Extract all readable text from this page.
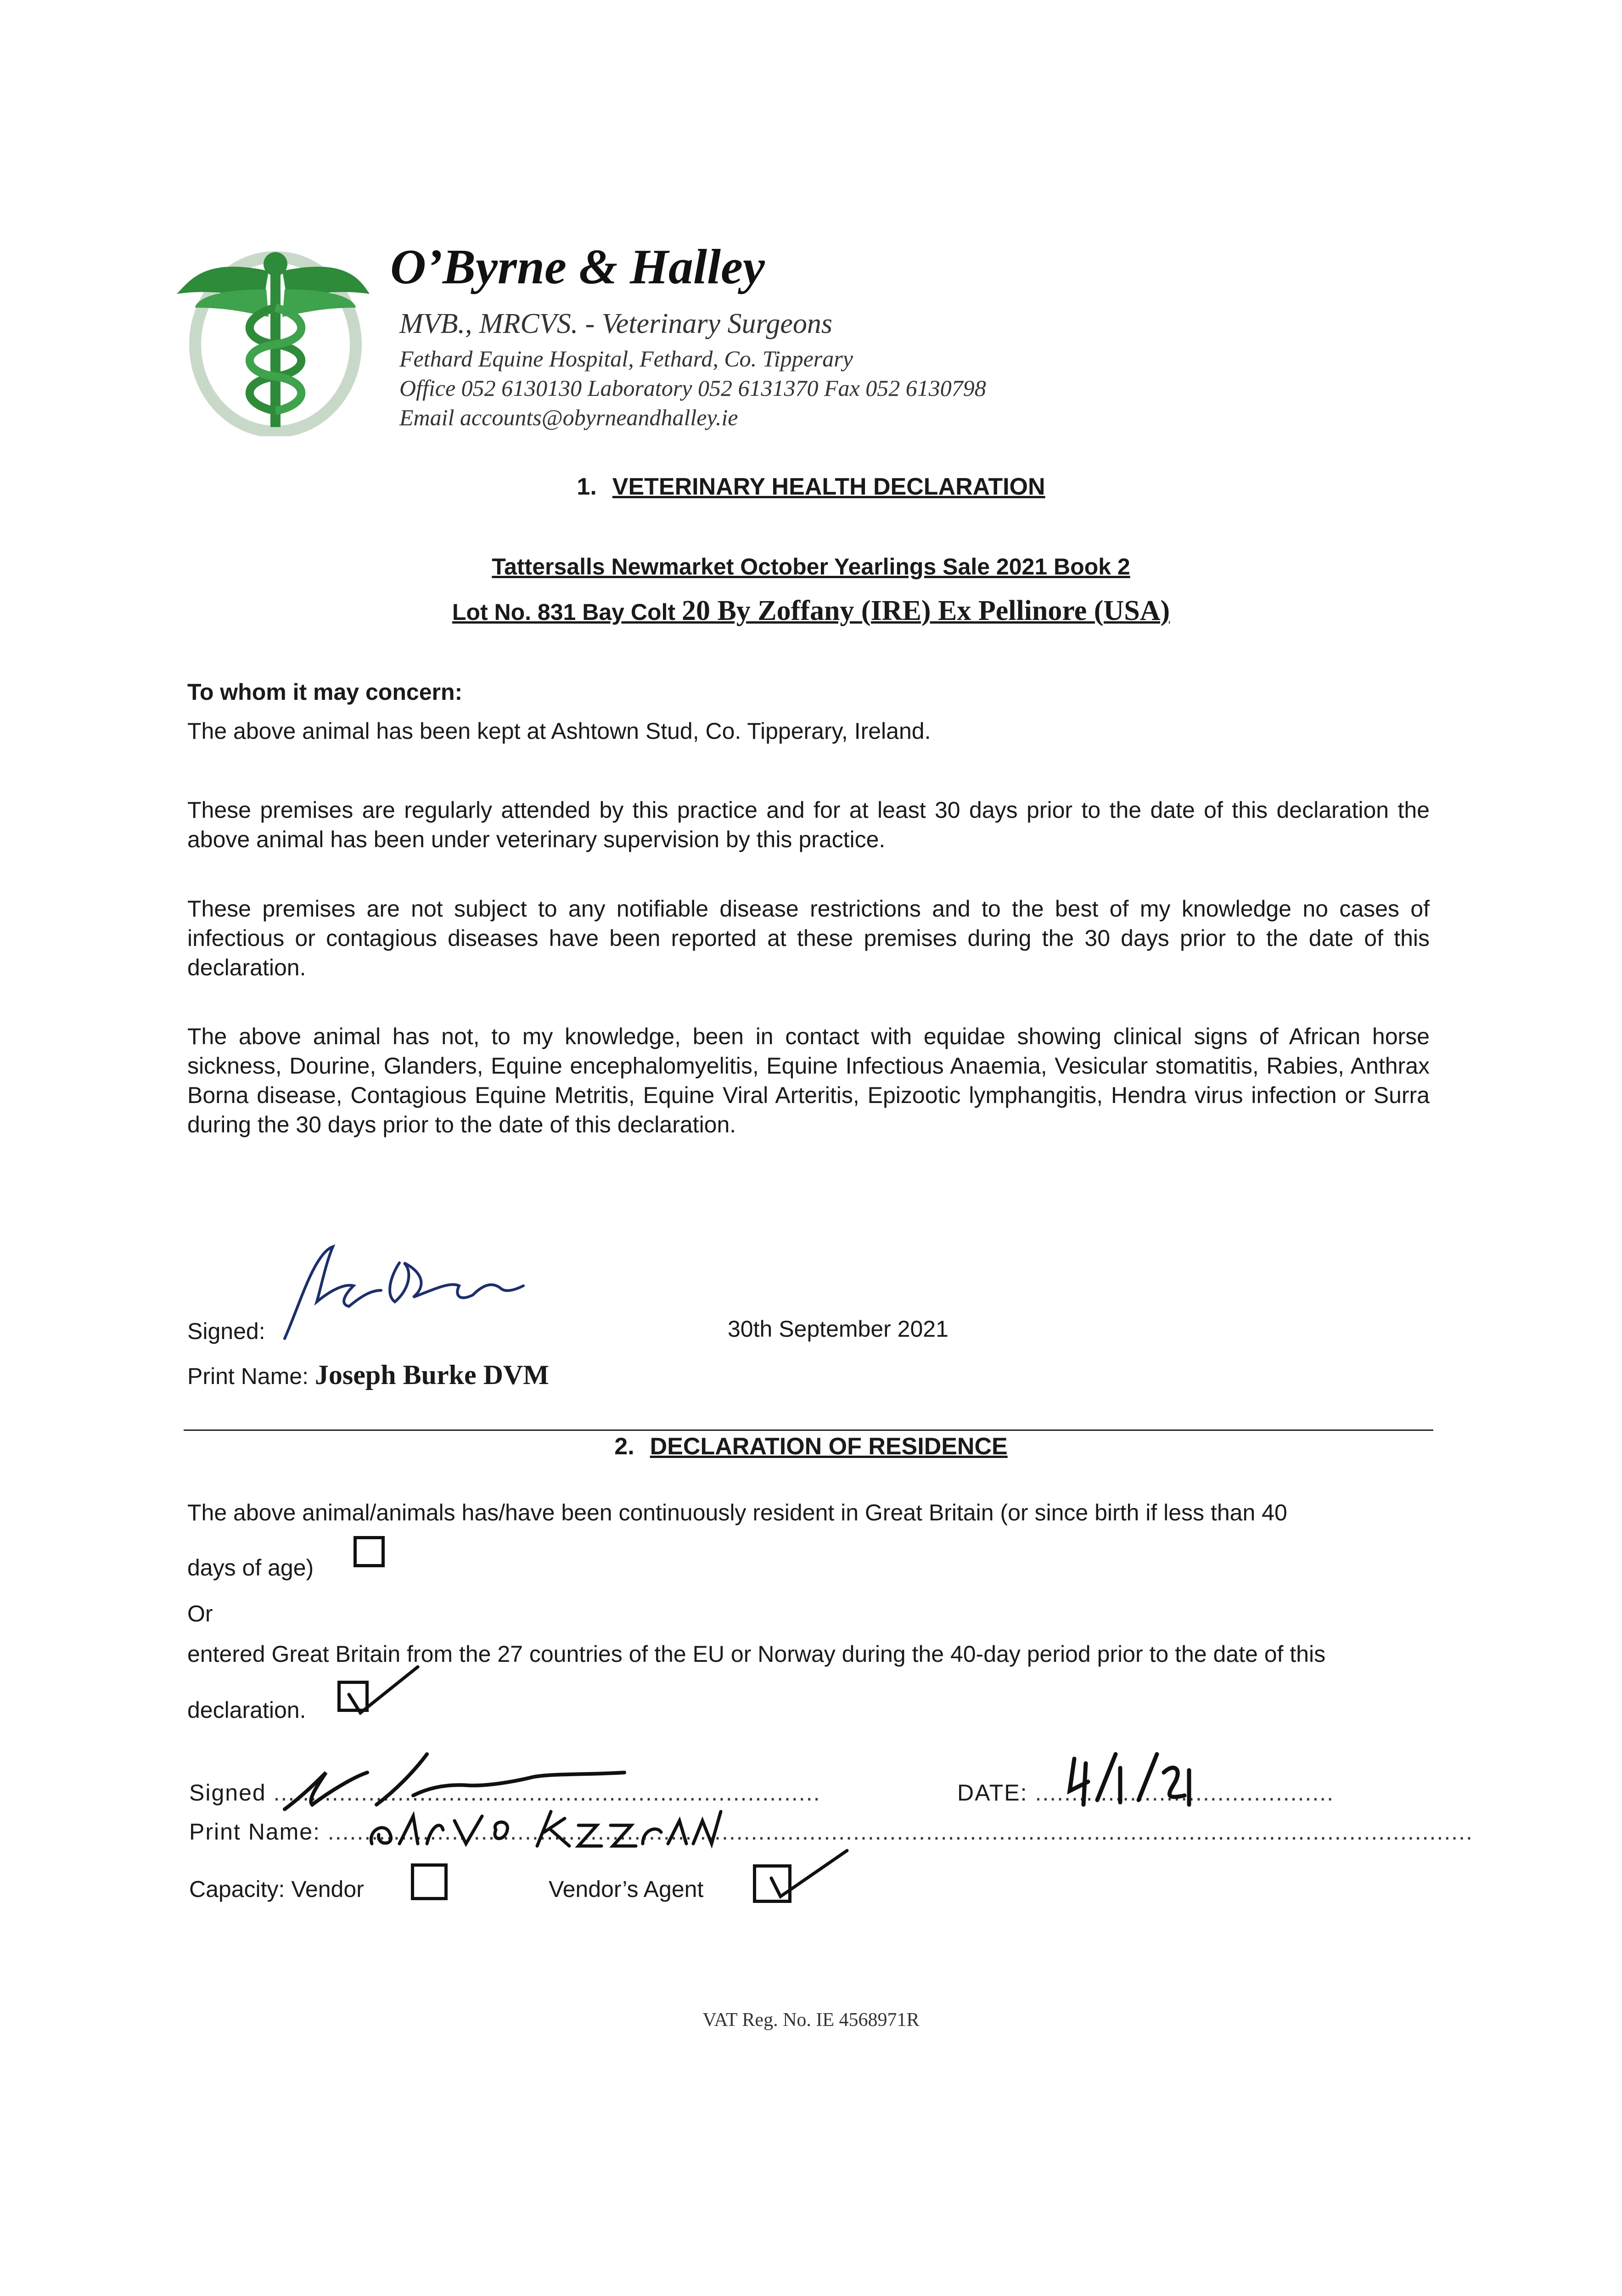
O’Byrne & Halley
MVB., MRCVS. - Veterinary Surgeons
Fethard Equine Hospital, Fethard, Co. Tipperary
Office 052 6130130 Laboratory 052 6131370 Fax 052 6130798
Email accounts@obyrneandhalley.ie
1. VETERINARY HEALTH DECLARATION
Tattersalls Newmarket October Yearlings Sale 2021 Book 2
Lot No. 831 Bay Colt 20 By Zoffany (IRE) Ex Pellinore (USA)
To whom it may concern:
The above animal has been kept at Ashtown Stud, Co. Tipperary, Ireland.
These premises are regularly attended by this practice and for at least 30 days prior to the date of this declaration the above animal has been under veterinary supervision by this practice.
These premises are not subject to any notifiable disease restrictions and to the best of my knowledge no cases of infectious or contagious diseases have been reported at these premises during the 30 days prior to the date of this declaration.
The above animal has not, to my knowledge, been in contact with equidae showing clinical signs of African horse sickness, Dourine, Glanders, Equine encephalomyelitis, Equine Infectious Anaemia, Vesicular stomatitis, Rabies, Anthrax Borna disease, Contagious Equine Metritis, Equine Viral Arteritis, Epizootic lymphangitis, Hendra virus infection or Surra during the 30 days prior to the date of this declaration.
Signed:	30th September 2021
Print Name: Joseph Burke DVM
2. DECLARATION OF RESIDENCE
The above animal/animals has/have been continuously resident in Great Britain (or since birth if less than 40
days of age)
Or
entered Great Britain from the 27 countries of the EU or Norway during the 40-day period prior to the date of this
declaration.
Signed ...........................................................................	DATE: .........................................
Print Name: .............................................................................................................................................................
Capacity: Vendor	Vendor’s Agent
VAT Reg. No. IE 4568971R
